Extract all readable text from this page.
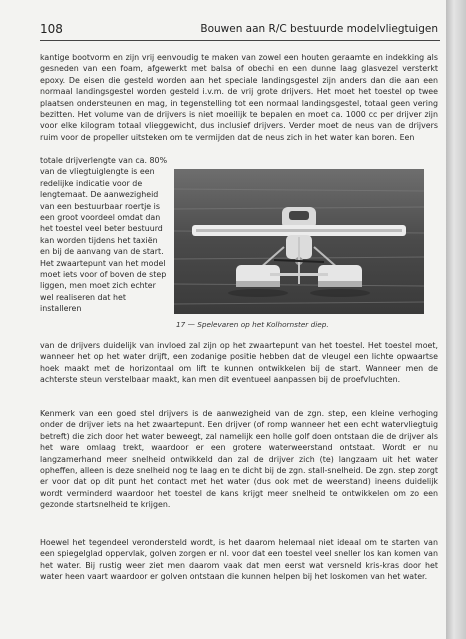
108	Bouwen aan R/C bestuurde modelvliegtuigen

kantige bootvorm en zijn vrij eenvoudig te maken van zowel een houten geraamte en indekking als gesneden van een foam, afgewerkt met balsa of obechi en een dunne laag glasvezel versterkt epoxy. De eisen die gesteld worden aan het speciale landingsgestel zijn anders dan die aan een normaal landingsgestel worden gesteld i.v.m. de vrij grote drijvers. Het moet het toestel op twee plaatsen ondersteunen en mag, in tegenstelling tot een normaal landingsgestel, totaal geen vering bezitten. Het volume van de drijvers is niet moeilijk te bepalen en moet ca. 1000 cc per drijver zijn voor elke kilogram totaal vlieggewicht, dus inclusief drijvers. Verder moet de neus van de drijvers ruim voor de propeller uitsteken om te vermijden dat de neus zich in het water kan boren. Een

totale drijverlengte van ca. 80% van de vliegtuiglengte is een redelijke indicatie voor de lengtemaat. De aanwezigheid van een bestuurbaar roertje is een groot voordeel omdat dan het toestel veel beter bestuurd kan worden tijdens het taxiën en bij de aanvang van de start. Het zwaartepunt van het model moet iets voor of boven de step liggen, men moet zich echter wel realiseren dat het installeren

17 — Spelevaren op het Kolhornster diep.

van de drijvers duidelijk van invloed zal zijn op het zwaartepunt van het toestel. Het toestel moet, wanneer het op het water drijft, een zodanige positie hebben dat de vleugel een lichte opwaartse hoek maakt met de horizontaal om lift te kunnen ontwikkelen bij de start. Wanneer men de achterste steun verstelbaar maakt, kan men dit eventueel aanpassen bij de proefvluchten.

Kenmerk van een goed stel drijvers is de aanwezigheid van de zgn. step, een kleine verhoging onder de drijver iets na het zwaartepunt. Een drijver (of romp wanneer het een echt watervliegtuig betreft) die zich door het water beweegt, zal namelijk een holle golf doen ontstaan die de drijver als het ware omlaag trekt, waardoor er een grotere waterweerstand ontstaat. Wordt er nu langzamerhand meer snelheid ontwikkeld dan zal de drijver zich (te) langzaam uit het water opheffen, alleen is deze snelheid nog te laag en te dicht bij de zgn. stall-snelheid. De zgn. step zorgt er voor dat op dit punt het contact met het water (dus ook met de weerstand) ineens duidelijk wordt verminderd waardoor het toestel de kans krijgt meer snelheid te ontwikkelen om zo een gezonde startsnelheid te krijgen.

Hoewel het tegendeel verondersteld wordt, is het daarom helemaal niet ideaal om te starten van een spiegelglad oppervlak, golven zorgen er nl. voor dat een toestel veel sneller los kan komen van het water. Bij rustig weer ziet men daarom vaak dat men eerst wat versneld kris-kras door het water heen vaart waardoor er golven ontstaan die kunnen helpen bij het loskomen van het water.
